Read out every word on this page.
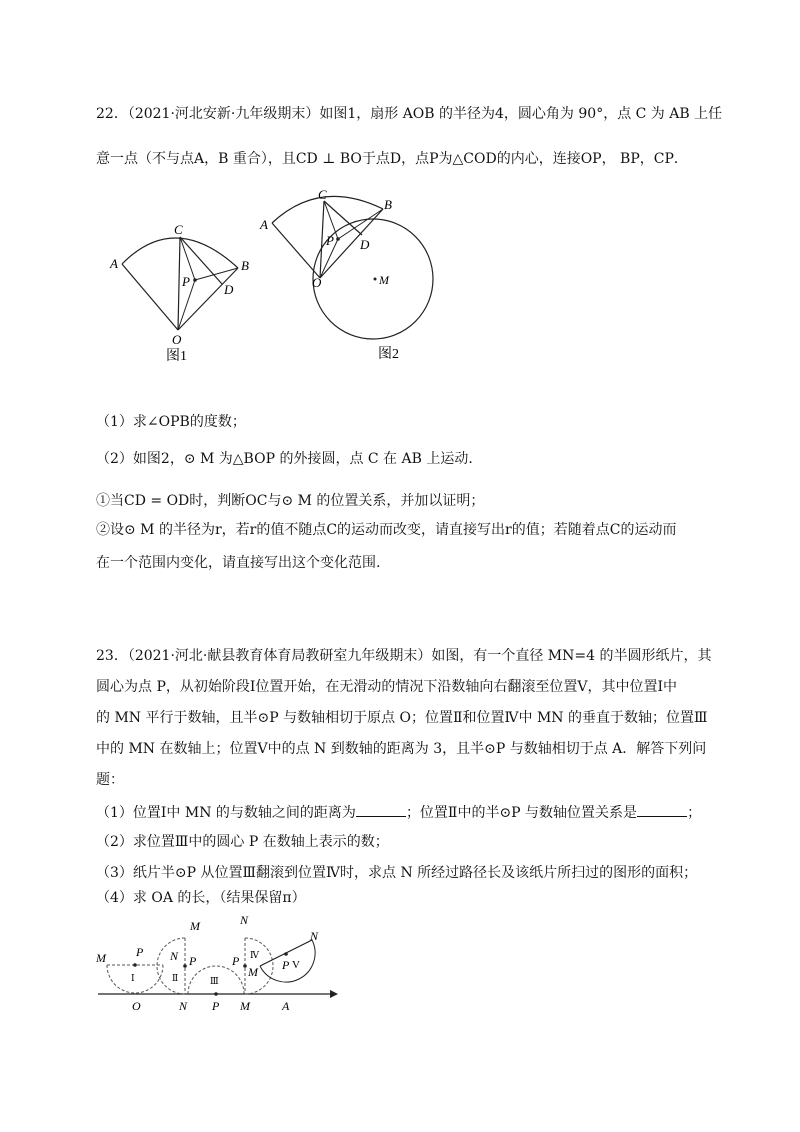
22．（2021·河北安新·九年级期末）如图1，扇形 AOB 的半径为4，圆心角为 90°，点 C 为 AB 上任
意一点（不与点A，B 重合），且CD ⊥ BO于点D，点P为△COD的内心，连接OP， BP，CP．
A
C
B
P
D
O
图1
A
C
B
P D
O	M
图2
（1）求∠OPB的度数；
（2）如图2，⊙ M 为△BOP 的外接圆，点 C 在 AB 上运动.
①当CD = OD时，判断OC与⊙ M 的位置关系，并加以证明；
②设⊙ M 的半径为r，若r的值不随点C的运动而改变，请直接写出r的值；若随着点C的运动而
在一个范围内变化，请直接写出这个变化范围.
23．（2021·河北·献县教育体育局教研室九年级期末）如图，有一个直径 MN=4 的半圆形纸片，其
圆心为点 P，从初始阶段Ⅰ位置开始，在无滑动的情况下沿数轴向右翻滚至位置Ⅴ，其中位置Ⅰ中
的 MN 平行于数轴，且半⊙P 与数轴相切于原点 O；位置Ⅱ和位置Ⅳ中 MN 的垂直于数轴；位置Ⅲ
中的 MN 在数轴上；位置Ⅴ中的点 N 到数轴的距离为 3，且半⊙P 与数轴相切于点 A．解答下列问
题：
（1）位置Ⅰ中 MN 的与数轴之间的距离为	；位置Ⅱ中的半⊙P 与数轴位置关系是	；
（2）求位置Ⅲ中的圆心 P 在数轴上表示的数；
（3）纸片半⊙P 从位置Ⅲ翻滚到位置Ⅳ时，求点 N 所经过路径长及该纸片所扫过的图形的面积；
（4）求 OA 的长，（结果保留π）
O	N P M	A
Ⅰ	Ⅱ	Ⅲ
Ⅳ
V
M	P N
M
P
N
P
M
N
P
